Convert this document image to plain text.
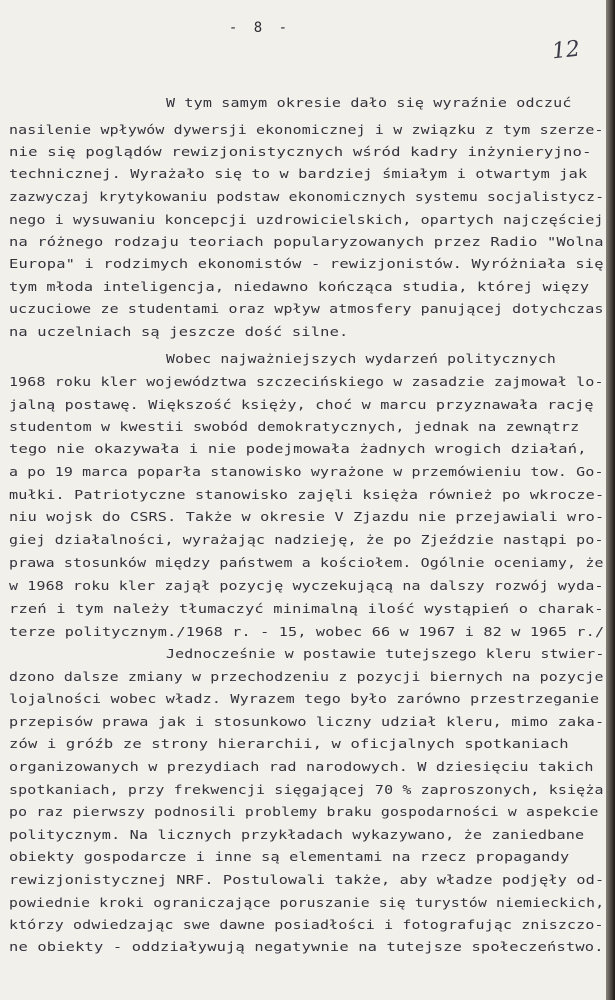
- 8 -
12
W tym samym okresie dało się wyraźnie odczuć
nasilenie wpływów dywersji ekonomicznej i w związku z tym szerze-
nie się poglądów rewizjonistycznych wśród kadry inżynieryjno-
technicznej. Wyrażało się to w bardziej śmiałym i otwartym jak
zazwyczaj krytykowaniu podstaw ekonomicznych systemu socjalistycz-
nego i wysuwaniu koncepcji uzdrowicielskich, opartych najczęściej
na różnego rodzaju teoriach popularyzowanych przez Radio "Wolna
Europa" i rodzimych ekonomistów - rewizjonistów. Wyróżniała się
tym młoda inteligencja, niedawno kończąca studia, której więzy
uczuciowe ze studentami oraz wpływ atmosfery panującej dotychczas
na uczelniach są jeszcze dość silne.
Wobec najważniejszych wydarzeń politycznych
1968 roku kler województwa szczecińskiego w zasadzie zajmował lo-
jalną postawę. Większość księży, choć w marcu przyznawała rację
studentom w kwestii swobód demokratycznych, jednak na zewnątrz
tego nie okazywała i nie podejmowała żadnych wrogich działań,
a po 19 marca poparła stanowisko wyrażone w przemówieniu tow. Go-
mułki. Patriotyczne stanowisko zajęli księża również po wkrocze-
niu wojsk do CSRS. Także w okresie V Zjazdu nie przejawiali wro-
giej działalności, wyrażając nadzieję, że po Zjeździe nastąpi po-
prawa stosunków między państwem a kościołem. Ogólnie oceniamy, że
w 1968 roku kler zajął pozycję wyczekującą na dalszy rozwój wyda-
rzeń i tym należy tłumaczyć minimalną ilość wystąpień o charak-
terze politycznym./1968 r. - 15, wobec 66 w 1967 i 82 w 1965 r./
Jednocześnie w postawie tutejszego kleru stwier-
dzono dalsze zmiany w przechodzeniu z pozycji biernych na pozycje
lojalności wobec władz. Wyrazem tego było zarówno przestrzeganie
przepisów prawa jak i stosunkowo liczny udział kleru, mimo zaka-
zów i gróźb ze strony hierarchii, w oficjalnych spotkaniach
organizowanych w prezydiach rad narodowych. W dziesięciu takich
spotkaniach, przy frekwencji sięgającej 70 % zaproszonych, księża
po raz pierwszy podnosili problemy braku gospodarności w aspekcie
politycznym. Na licznych przykładach wykazywano, że zaniedbane
obiekty gospodarcze i inne są elementami na rzecz propagandy
rewizjonistycznej NRF. Postulowali także, aby władze podjęły od-
powiednie kroki ograniczające poruszanie się turystów niemieckich,
którzy odwiedzając swe dawne posiadłości i fotografując zniszczo-
ne obiekty - oddziaływują negatywnie na tutejsze społeczeństwo.
